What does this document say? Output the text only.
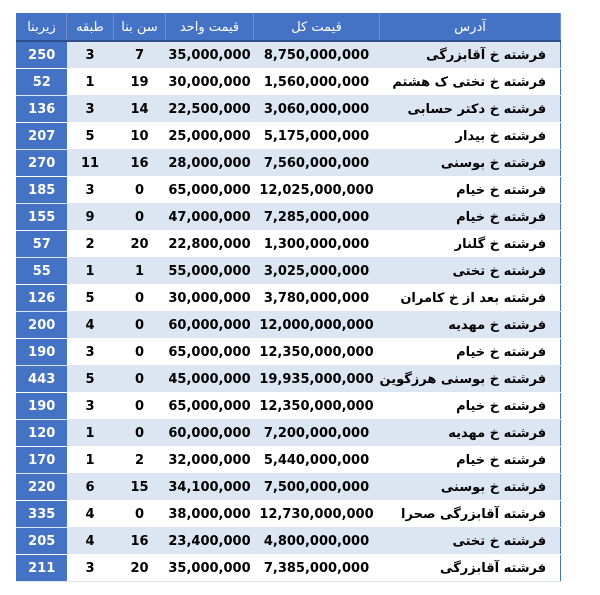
آدرس	قیمت کل	قیمت واحد	سن بنا	طبقه	زیربنا
فرشته خ آقابزرگی	8,750,000,000	35,000,000	7	3	250
فرشته خ تختی ک هشتم	1,560,000,000	30,000,000	19	1	52
فرشته خ دکتر حسابی	3,060,000,000	22,500,000	14	3	136
فرشته خ بیدار	5,175,000,000	25,000,000	10	5	207
فرشته خ بوسنی	7,560,000,000	28,000,000	16	11	270
فرشته خ خیام	12,025,000,000	65,000,000	0	3	185
فرشته خ خیام	7,285,000,000	47,000,000	0	9	155
فرشته خ گلنار	1,300,000,000	22,800,000	20	2	57
فرشته خ تختی	3,025,000,000	55,000,000	1	1	55
فرشته بعد از خ کامران	3,780,000,000	30,000,000	0	5	126
فرشته خ مهدیه	12,000,000,000	60,000,000	0	4	200
فرشته خ خیام	12,350,000,000	65,000,000	0	3	190
فرشته خ بوسنی هرزگوین	19,935,000,000	45,000,000	0	5	443
فرشته خ خیام	12,350,000,000	65,000,000	0	3	190
فرشته خ مهدیه	7,200,000,000	60,000,000	0	1	120
فرشته خ خیام	5,440,000,000	32,000,000	2	1	170
فرشته خ بوسنی	7,500,000,000	34,100,000	15	6	220
فرشته آقابزرگی صحرا	12,730,000,000	38,000,000	0	4	335
فرشته خ تختی	4,800,000,000	23,400,000	16	4	205
فرشته آقابزرگی	7,385,000,000	35,000,000	20	3	211
